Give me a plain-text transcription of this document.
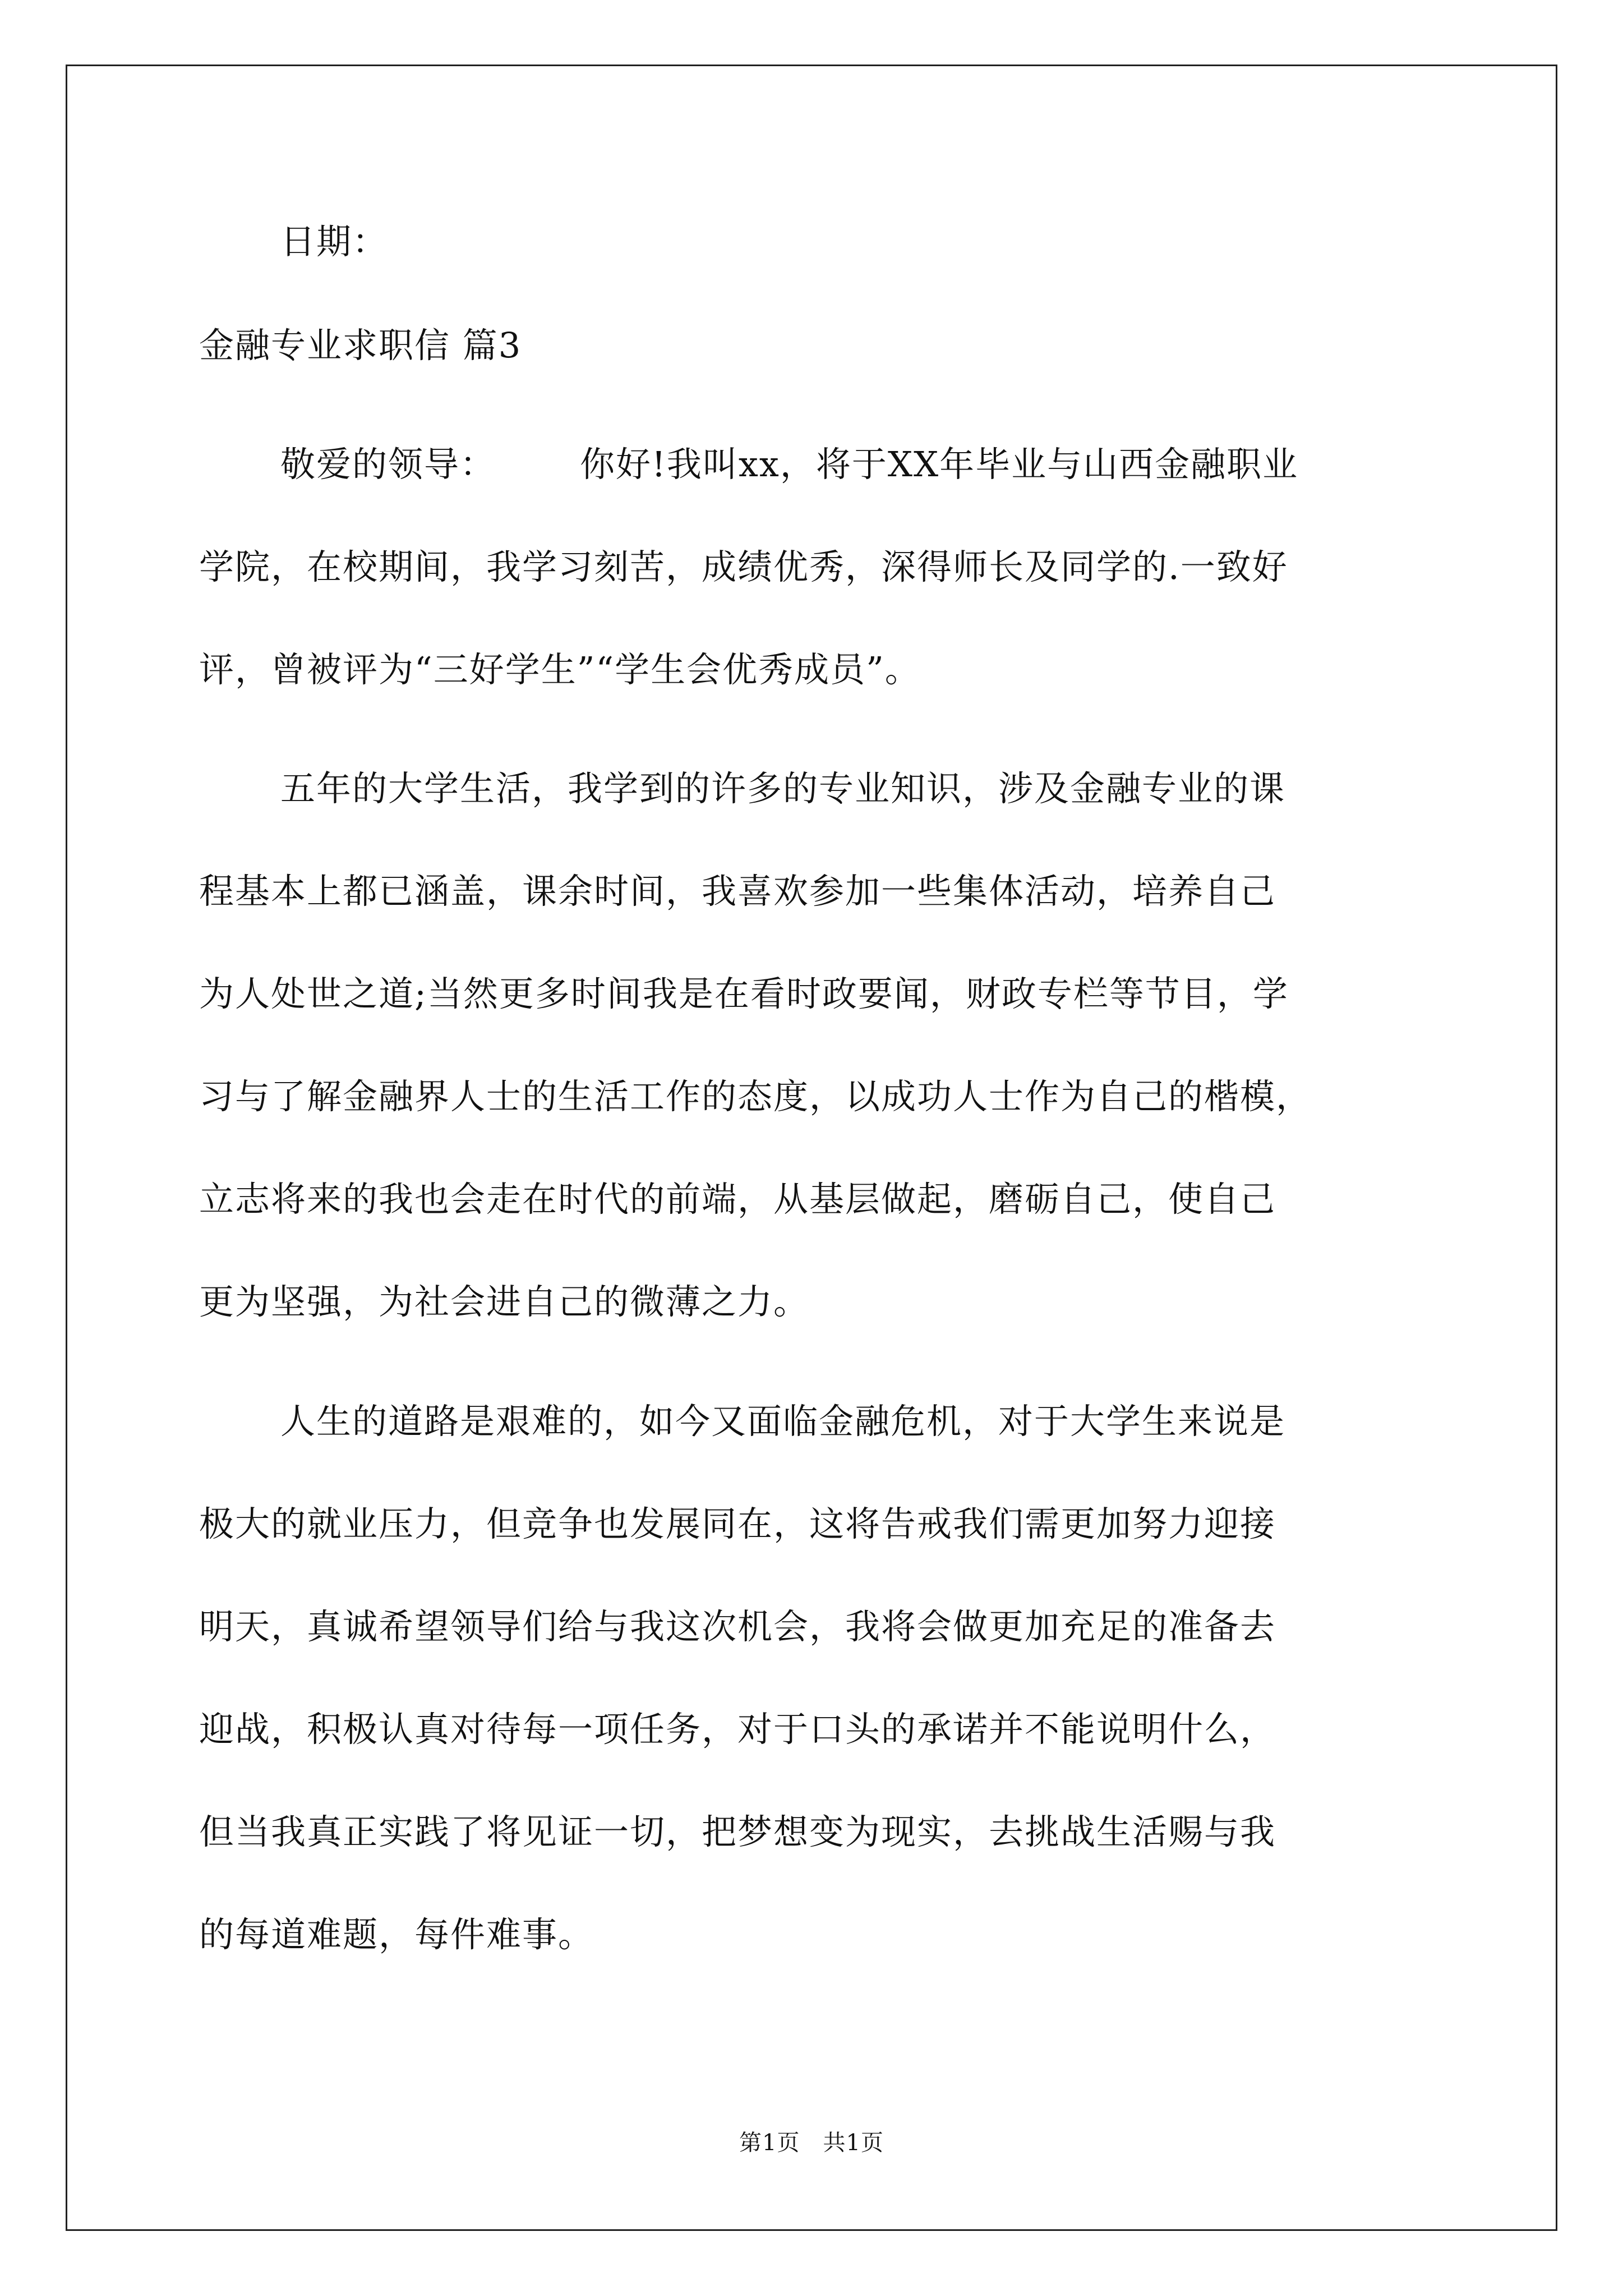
日期：
金融专业求职信 篇3
敬爱的领导： 你好!我叫xx，将于XX年毕业与山西金融职业
学院，在校期间，我学习刻苦，成绩优秀，深得师长及同学的.一致好
评，曾被评为“三好学生”“学生会优秀成员”。
五年的大学生活，我学到的许多的专业知识，涉及金融专业的课
程基本上都已涵盖，课余时间，我喜欢参加一些集体活动，培养自己
为人处世之道;当然更多时间我是在看时政要闻，财政专栏等节目，学
习与了解金融界人士的生活工作的态度，以成功人士作为自己的楷模，
立志将来的我也会走在时代的前端，从基层做起，磨砺自己，使自己
更为坚强，为社会进自己的微薄之力。
人生的道路是艰难的，如今又面临金融危机，对于大学生来说是
极大的就业压力，但竞争也发展同在，这将告戒我们需更加努力迎接
明天，真诚希望领导们给与我这次机会，我将会做更加充足的准备去
迎战，积极认真对待每一项任务，对于口头的承诺并不能说明什么，
但当我真正实践了将见证一切，把梦想变为现实，去挑战生活赐与我
的每道难题，每件难事。
第1页　共1页
